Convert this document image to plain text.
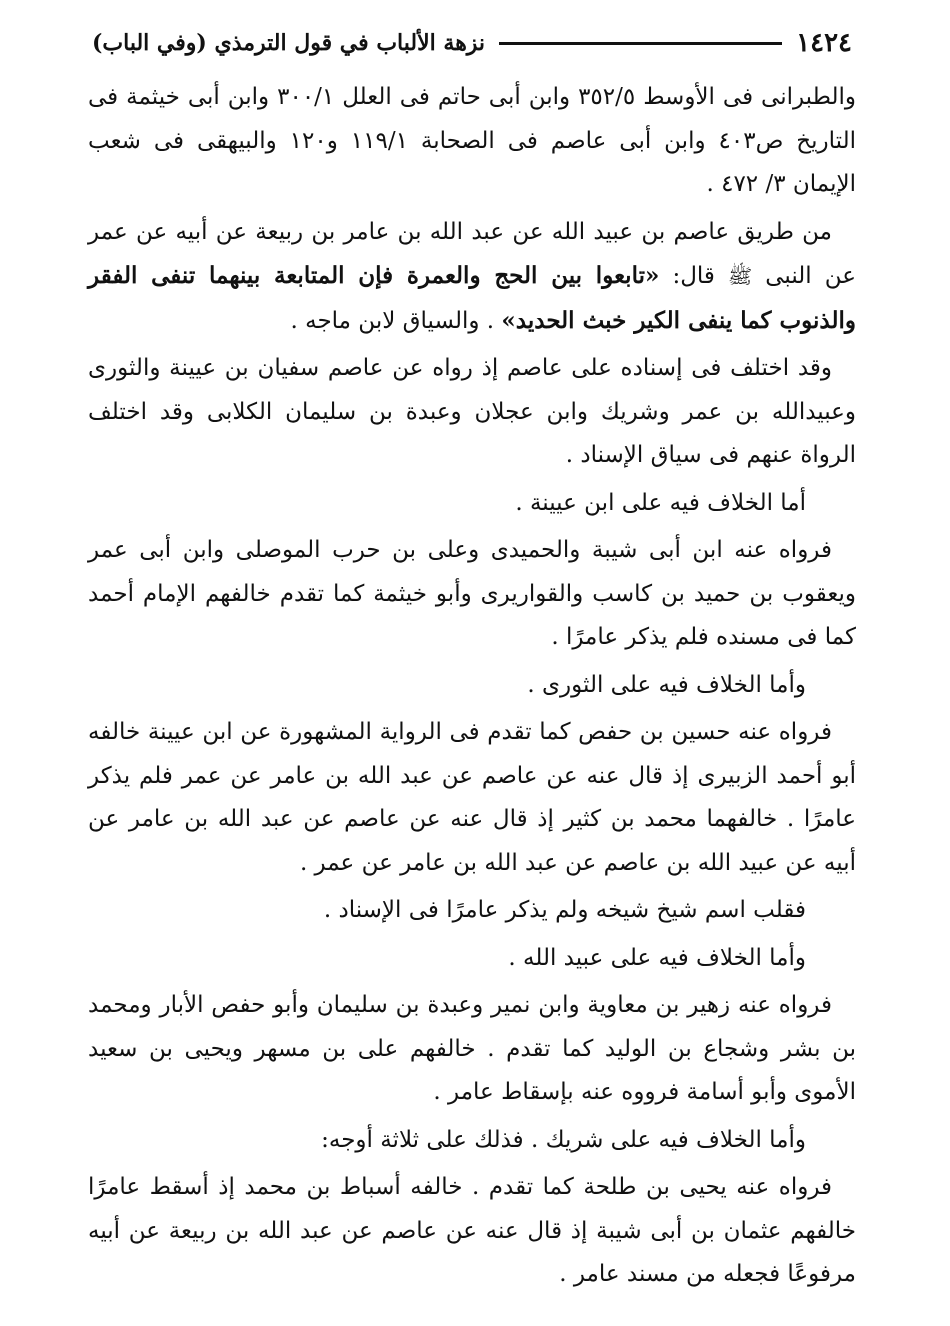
١٤٢٤
نزهة الألباب في قول الترمذي (وفي الباب)

والطبرانى فى الأوسط ٣٥٢/٥ وابن أبى حاتم فى العلل ٣٠٠/١ وابن أبى خيثمة فى التاريخ ص٤٠٣ وابن أبى عاصم فى الصحابة ١١٩/١ و١٢٠ والبيهقى فى شعب الإيمان ٣/ ٤٧٢ .

من طريق عاصم بن عبيد الله عن عبد الله بن عامر بن ربيعة عن أبيه عن عمر عن النبى ﷺ قال: «تابعوا بين الحج والعمرة فإن المتابعة بينهما تنفى الفقر والذنوب كما ينفى الكير خبث الحديد» . والسياق لابن ماجه .

وقد اختلف فى إسناده على عاصم إذ رواه عن عاصم سفيان بن عيينة والثورى وعبيدالله بن عمر وشريك وابن عجلان وعبدة بن سليمان الكلابى وقد اختلف الرواة عنهم فى سياق الإسناد .

أما الخلاف فيه على ابن عيينة .

فرواه عنه ابن أبى شيبة والحميدى وعلى بن حرب الموصلى وابن أبى عمر ويعقوب بن حميد بن كاسب والقواريرى وأبو خيثمة كما تقدم خالفهم الإمام أحمد كما فى مسنده فلم يذكر عامرًا .

وأما الخلاف فيه على الثورى .

فرواه عنه حسين بن حفص كما تقدم فى الرواية المشهورة عن ابن عيينة خالفه أبو أحمد الزبيرى إذ قال عنه عن عاصم عن عبد الله بن عامر عن عمر فلم يذكر عامرًا . خالفهما محمد بن كثير إذ قال عنه عن عاصم عن عبد الله بن عامر عن أبيه عن عبيد الله بن عاصم عن عبد الله بن عامر عن عمر .

فقلب اسم شيخ شيخه ولم يذكر عامرًا فى الإسناد .

وأما الخلاف فيه على عبيد الله .

فرواه عنه زهير بن معاوية وابن نمير وعبدة بن سليمان وأبو حفص الأبار ومحمد بن بشر وشجاع بن الوليد كما تقدم . خالفهم على بن مسهر ويحيى بن سعيد الأموى وأبو أسامة فرووه عنه بإسقاط عامر .

وأما الخلاف فيه على شريك . فذلك على ثلاثة أوجه:

فرواه عنه يحيى بن طلحة كما تقدم . خالفه أسباط بن محمد إذ أسقط عامرًا خالفهم عثمان بن أبى شيبة إذ قال عنه عن عاصم عن عبد الله بن ربيعة عن أبيه مرفوعًا فجعله من مسند عامر .
